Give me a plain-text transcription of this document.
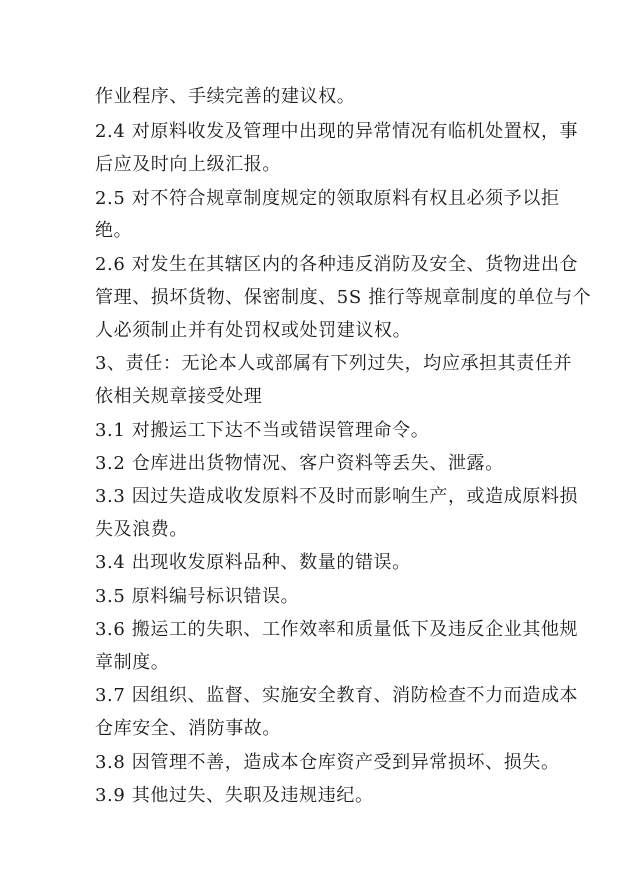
作业程序、手续完善的建议权。
2.4 对原料收发及管理中出现的异常情况有临机处置权，事
后应及时向上级汇报。
2.5 对不符合规章制度规定的领取原料有权且必须予以拒
绝。
2.6 对发生在其辖区内的各种违反消防及安全、货物进出仓
管理、损坏货物、保密制度、5S 推行等规章制度的单位与个
人必须制止并有处罚权或处罚建议权。
3、责任：无论本人或部属有下列过失，均应承担其责任并
依相关规章接受处理
3.1 对搬运工下达不当或错误管理命令。
3.2 仓库进出货物情况、客户资料等丢失、泄露。
3.3 因过失造成收发原料不及时而影响生产，或造成原料损
失及浪费。
3.4 出现收发原料品种、数量的错误。
3.5 原料编号标识错误。
3.6 搬运工的失职、工作效率和质量低下及违反企业其他规
章制度。
3.7 因组织、监督、实施安全教育、消防检查不力而造成本
仓库安全、消防事故。
3.8 因管理不善，造成本仓库资产受到异常损坏、损失。
3.9 其他过失、失职及违规违纪。
